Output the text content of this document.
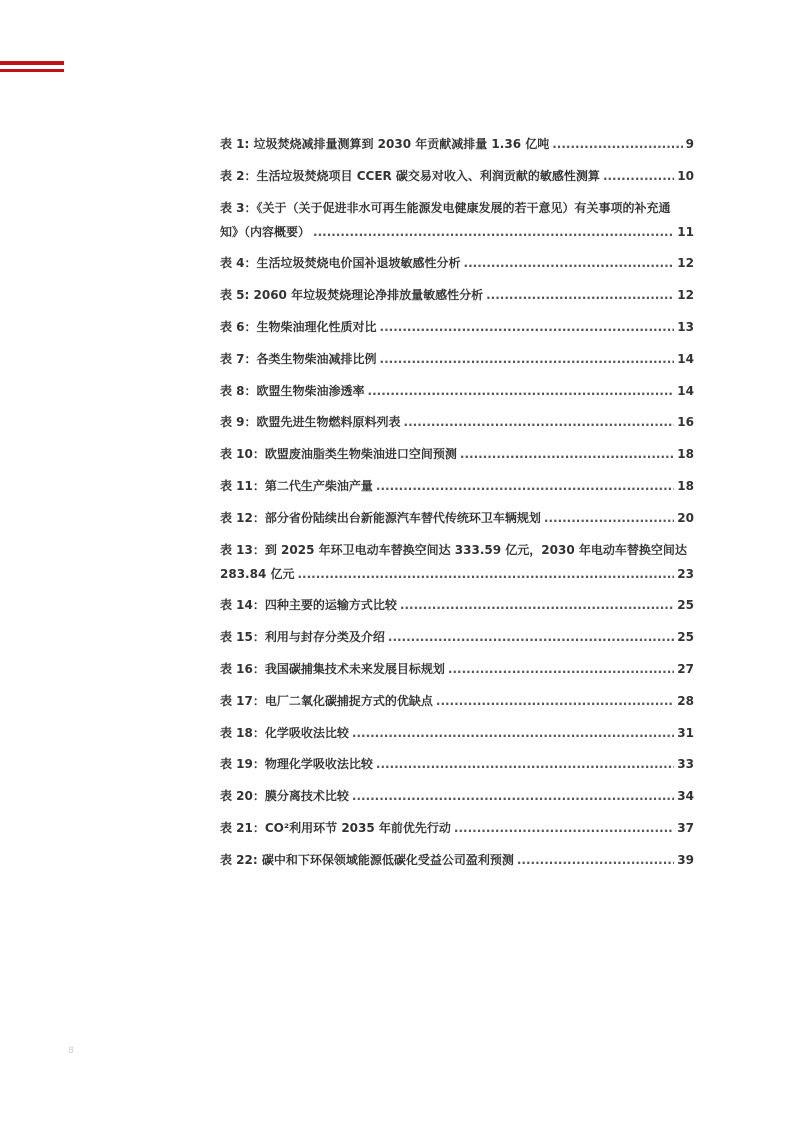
表 1: 垃圾焚烧减排量测算到 2030 年贡献减排量 1.36 亿吨 .....	9
表 2：生活垃圾焚烧项目 CCER 碳交易对收入、利润贡献的敏感性测算 .....	10
表 3：《关于（关于促进非水可再生能源发电健康发展的若干意见）有关事项的补充通
知》（内容概要） .....	11
表 4：生活垃圾焚烧电价国补退坡敏感性分析 .....	12
表 5: 2060 年垃圾焚烧理论净排放量敏感性分析 .....	12
表 6：生物柴油理化性质对比 .....	13
表 7：各类生物柴油减排比例 .....	14
表 8：欧盟生物柴油渗透率 .....	14
表 9：欧盟先进生物燃料原料列表 .....	16
表 10：欧盟废油脂类生物柴油进口空间预测 .....	18
表 11：第二代生产柴油产量 .....	18
表 12：部分省份陆续出台新能源汽车替代传统环卫车辆规划 .....	20
表 13：到 2025 年环卫电动车替换空间达 333.59 亿元，2030 年电动车替换空间达
283.84 亿元 .....	23
表 14：四种主要的运输方式比较 .....	25
表 15：利用与封存分类及介绍 .....	25
表 16：我国碳捕集技术未来发展目标规划 .....	27
表 17：电厂二氧化碳捕捉方式的优缺点 .....	28
表 18：化学吸收法比较 .....	31
表 19：物理化学吸收法比较 .....	33
表 20：膜分离技术比较 .....	34
表 21：CO²利用环节 2035 年前优先行动 .....	37
表 22: 碳中和下环保领域能源低碳化受益公司盈利预测 .....	39
8
